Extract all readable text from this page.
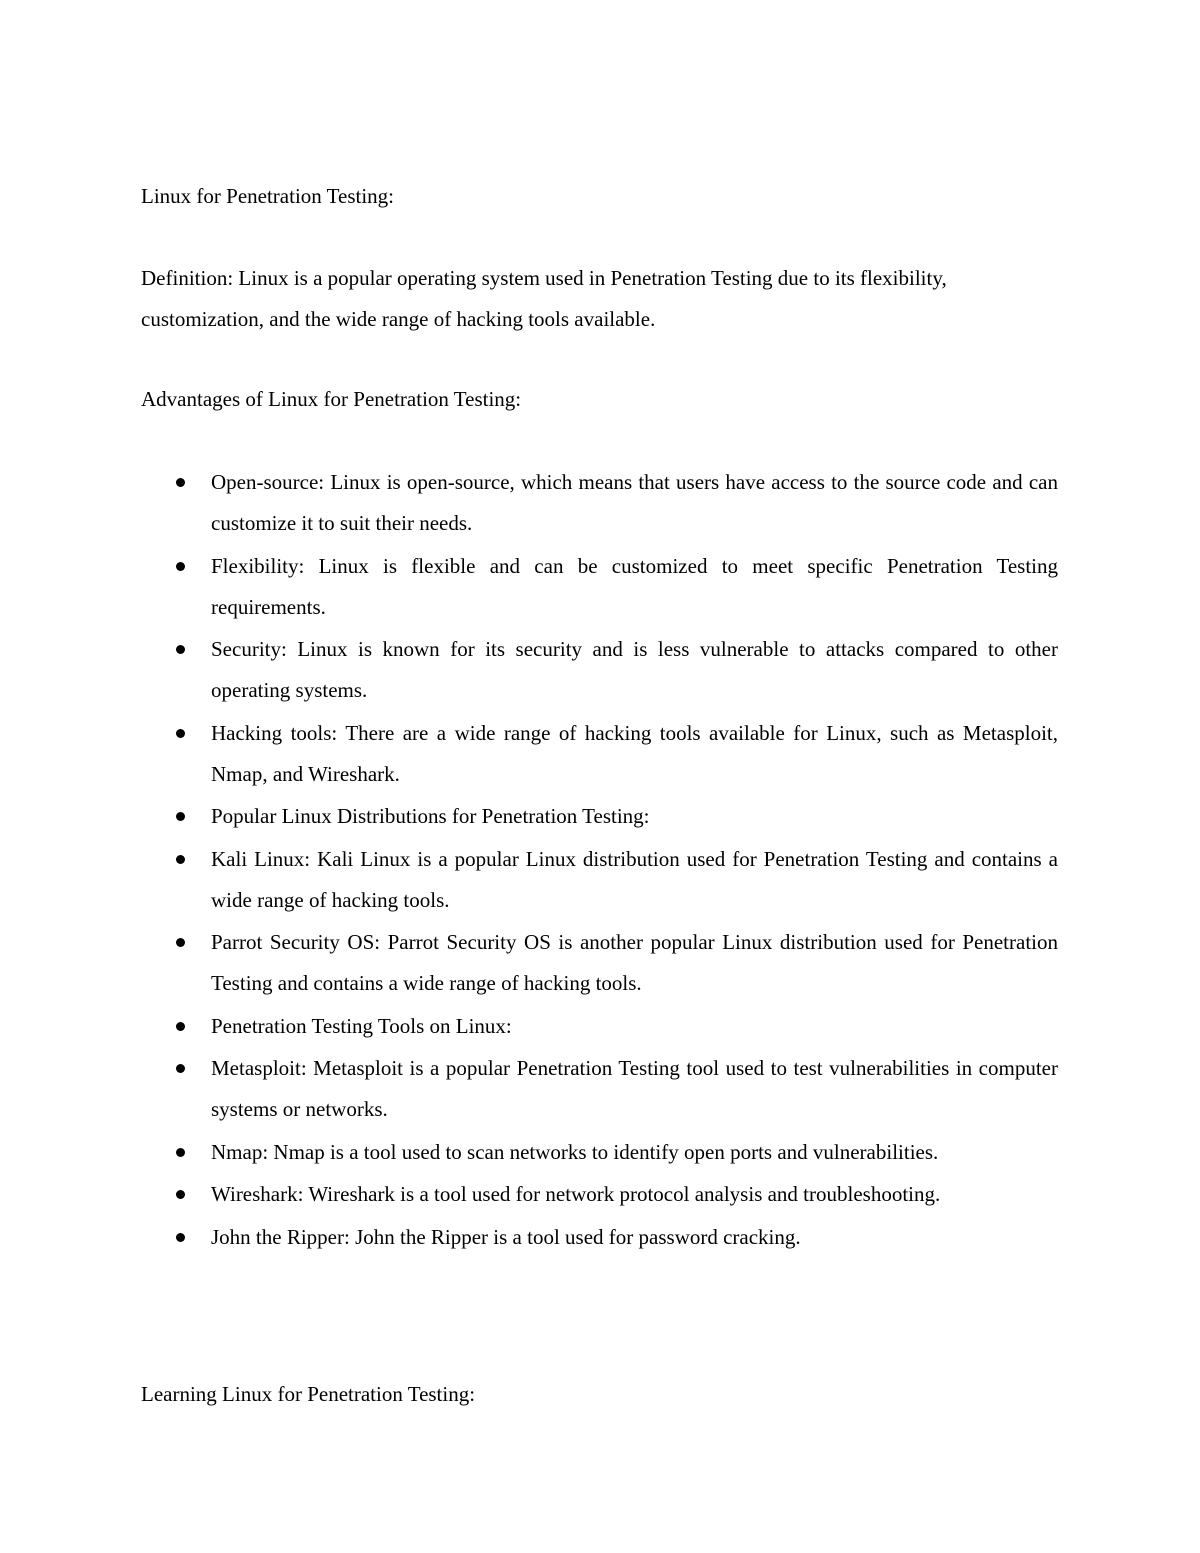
Linux for Penetration Testing:

Definition: Linux is a popular operating system used in Penetration Testing due to its flexibility, customization, and the wide range of hacking tools available.

Advantages of Linux for Penetration Testing:

Open-source: Linux is open-source, which means that users have access to the source code and can customize it to suit their needs.
Flexibility: Linux is flexible and can be customized to meet specific Penetration Testing requirements.
Security: Linux is known for its security and is less vulnerable to attacks compared to other operating systems.
Hacking tools: There are a wide range of hacking tools available for Linux, such as Metasploit, Nmap, and Wireshark.
Popular Linux Distributions for Penetration Testing:
Kali Linux: Kali Linux is a popular Linux distribution used for Penetration Testing and contains a wide range of hacking tools.
Parrot Security OS: Parrot Security OS is another popular Linux distribution used for Penetration Testing and contains a wide range of hacking tools.
Penetration Testing Tools on Linux:
Metasploit: Metasploit is a popular Penetration Testing tool used to test vulnerabilities in computer systems or networks.
Nmap: Nmap is a tool used to scan networks to identify open ports and vulnerabilities.
Wireshark: Wireshark is a tool used for network protocol analysis and troubleshooting.
John the Ripper: John the Ripper is a tool used for password cracking.

Learning Linux for Penetration Testing:
